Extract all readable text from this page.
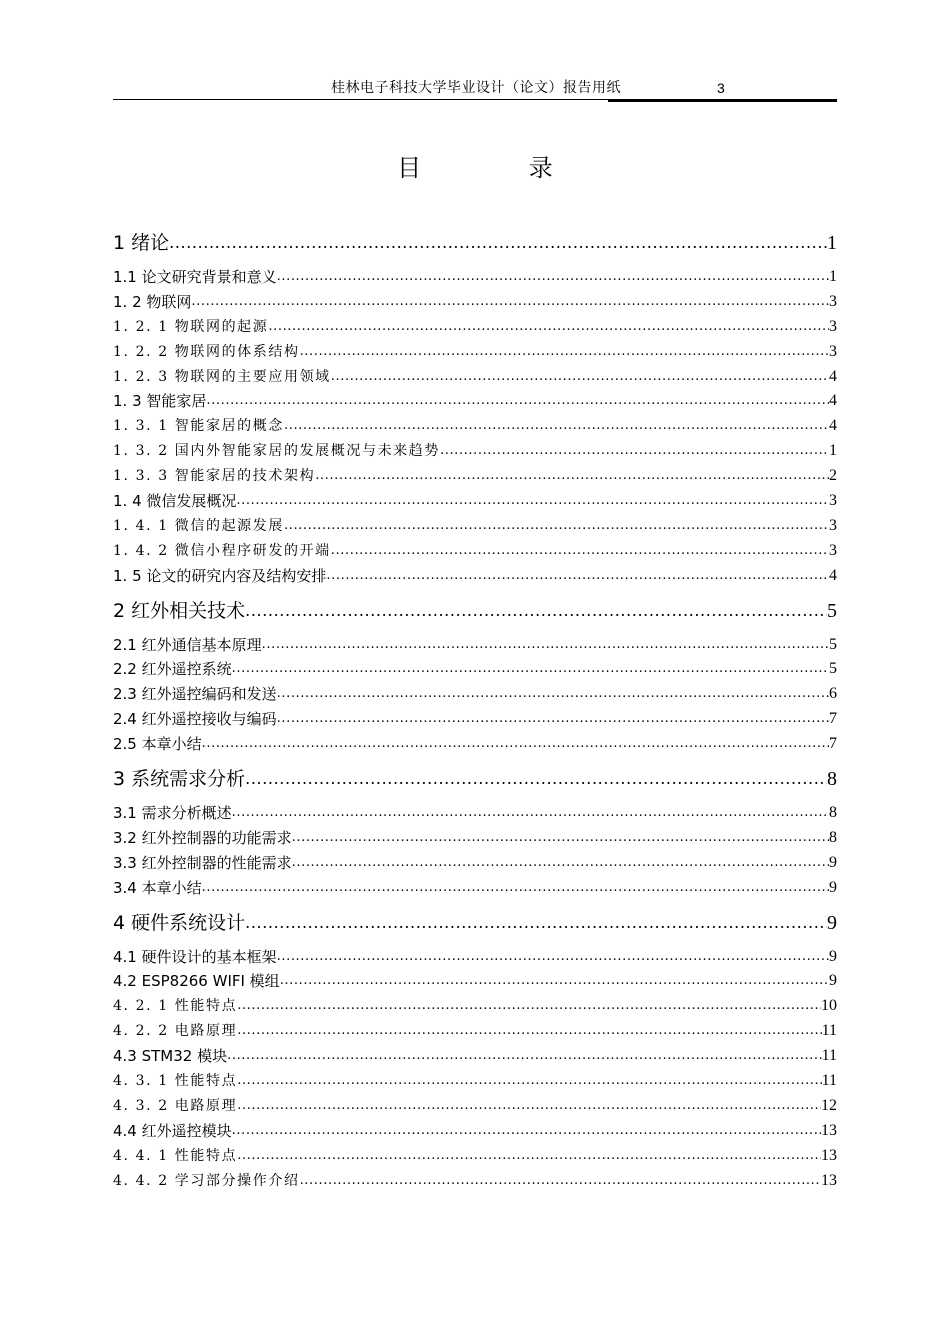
桂林电子科技大学毕业设计（论文）报告用纸	3
目 录
1 绪论 .....	1
1.1 论文研究背景和意义 .....	1
1. 2 物联网 .....	3
1. 2. 1 物联网的起源 .....	3
1. 2. 2 物联网的体系结构 .....	3
1. 2. 3 物联网的主要应用领域 .....	4
1. 3 智能家居 .....	4
1. 3. 1 智能家居的概念 .....	4
1. 3. 2 国内外智能家居的发展概况与未来趋势 .....	1
1. 3. 3 智能家居的技术架构 .....	2
1. 4 微信发展概况 .....	3
1. 4. 1 微信的起源发展 .....	3
1. 4. 2 微信小程序研发的开端 .....	3
1. 5 论文的研究内容及结构安排 .....	4
2 红外相关技术 .....	5
2.1 红外通信基本原理 .....	5
2.2 红外遥控系统 .....	5
2.3 红外遥控编码和发送 .....	6
2.4 红外遥控接收与编码 .....	7
2.5 本章小结 .....	7
3 系统需求分析 .....	8
3.1 需求分析概述 .....	8
3.2 红外控制器的功能需求 .....	8
3.3 红外控制器的性能需求 .....	9
3.4 本章小结 .....	9
4 硬件系统设计 .....	9
4.1 硬件设计的基本框架 .....	9
4.2 ESP8266 WIFI 模组 .....	9
4. 2. 1 性能特点 .....	10
4. 2. 2 电路原理 .....	11
4.3 STM32 模块 .....	11
4. 3. 1 性能特点 .....	11
4. 3. 2 电路原理 .....	12
4.4 红外遥控模块 .....	13
4. 4. 1 性能特点 .....	13
4. 4. 2 学习部分操作介绍 .....	13
